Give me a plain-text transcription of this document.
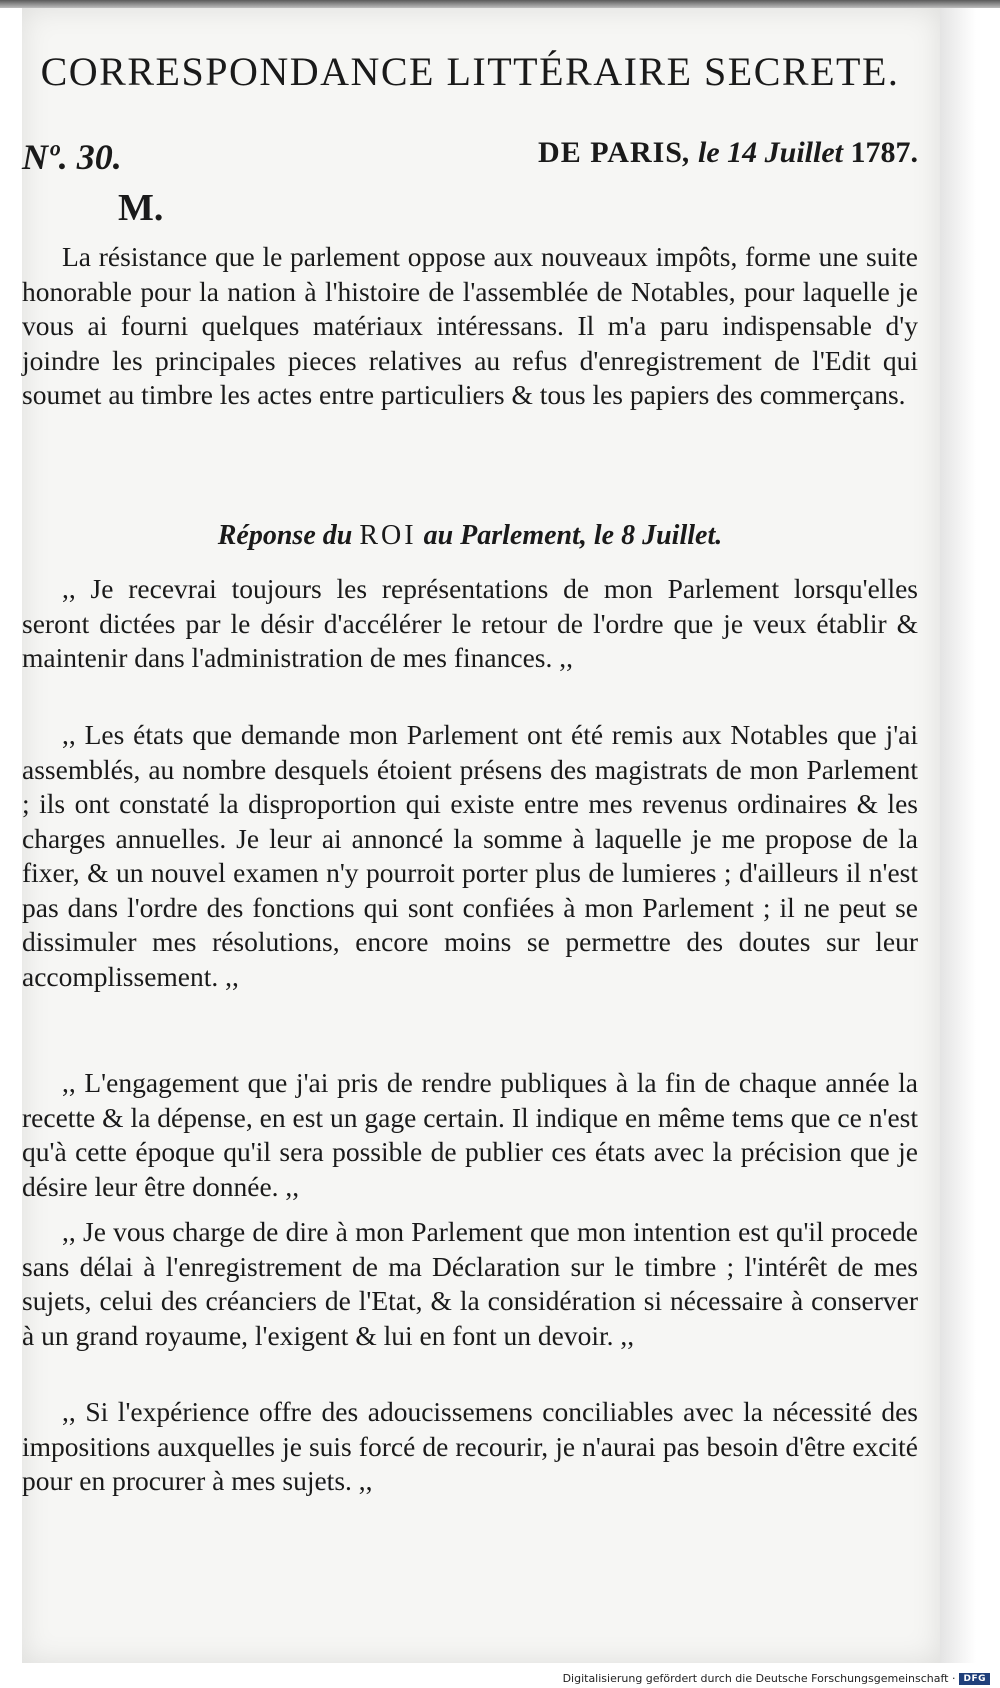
CORRESPONDANCE LITTÉRAIRE SECRETE.
Nº. 30.	DE PARIS, le 14 Juillet 1787.
M.
La résistance que le parlement oppose aux nouveaux impôts, forme une suite honorable pour la nation à l'histoire de l'assemblée de Notables, pour laquelle je vous ai fourni quelques matériaux intéressans. Il m'a paru indispensable d'y joindre les principales pieces relatives au refus d'enregistrement de l'Edit qui soumet au timbre les actes entre particuliers & tous les papiers des commerçans.
Réponse du ROI au Parlement, le 8 Juillet.
,, Je recevrai toujours les représentations de mon Parlement lorsqu'elles seront dictées par le désir d'accélérer le retour de l'ordre que je veux établir & maintenir dans l'administration de mes finances. ,,
,, Les états que demande mon Parlement ont été remis aux Notables que j'ai assemblés, au nombre desquels étoient présens des magistrats de mon Parlement ; ils ont constaté la disproportion qui existe entre mes revenus ordinaires & les charges annuelles. Je leur ai annoncé la somme à laquelle je me propose de la fixer, & un nouvel examen n'y pourroit porter plus de lumieres ; d'ailleurs il n'est pas dans l'ordre des fonctions qui sont confiées à mon Parlement ; il ne peut se dissimuler mes résolutions, encore moins se permettre des doutes sur leur accomplissement. ,,
,, L'engagement que j'ai pris de rendre publiques à la fin de chaque année la recette & la dépense, en est un gage certain. Il indique en même tems que ce n'est qu'à cette époque qu'il sera possible de publier ces états avec la précision que je désire leur être donnée. ,,
,, Je vous charge de dire à mon Parlement que mon intention est qu'il procede sans délai à l'enregistrement de ma Déclaration sur le timbre ; l'intérêt de mes sujets, celui des créanciers de l'Etat, & la considération si nécessaire à conserver à un grand royaume, l'exigent & lui en font un devoir. ,,
,, Si l'expérience offre des adoucissemens conciliables avec la nécessité des impositions auxquelles je suis forcé de recourir, je n'aurai pas besoin d'être excité pour en procurer à mes sujets. ,,
Digitalisierung gefördert durch die Deutsche Forschungsgemeinschaft · DFG
